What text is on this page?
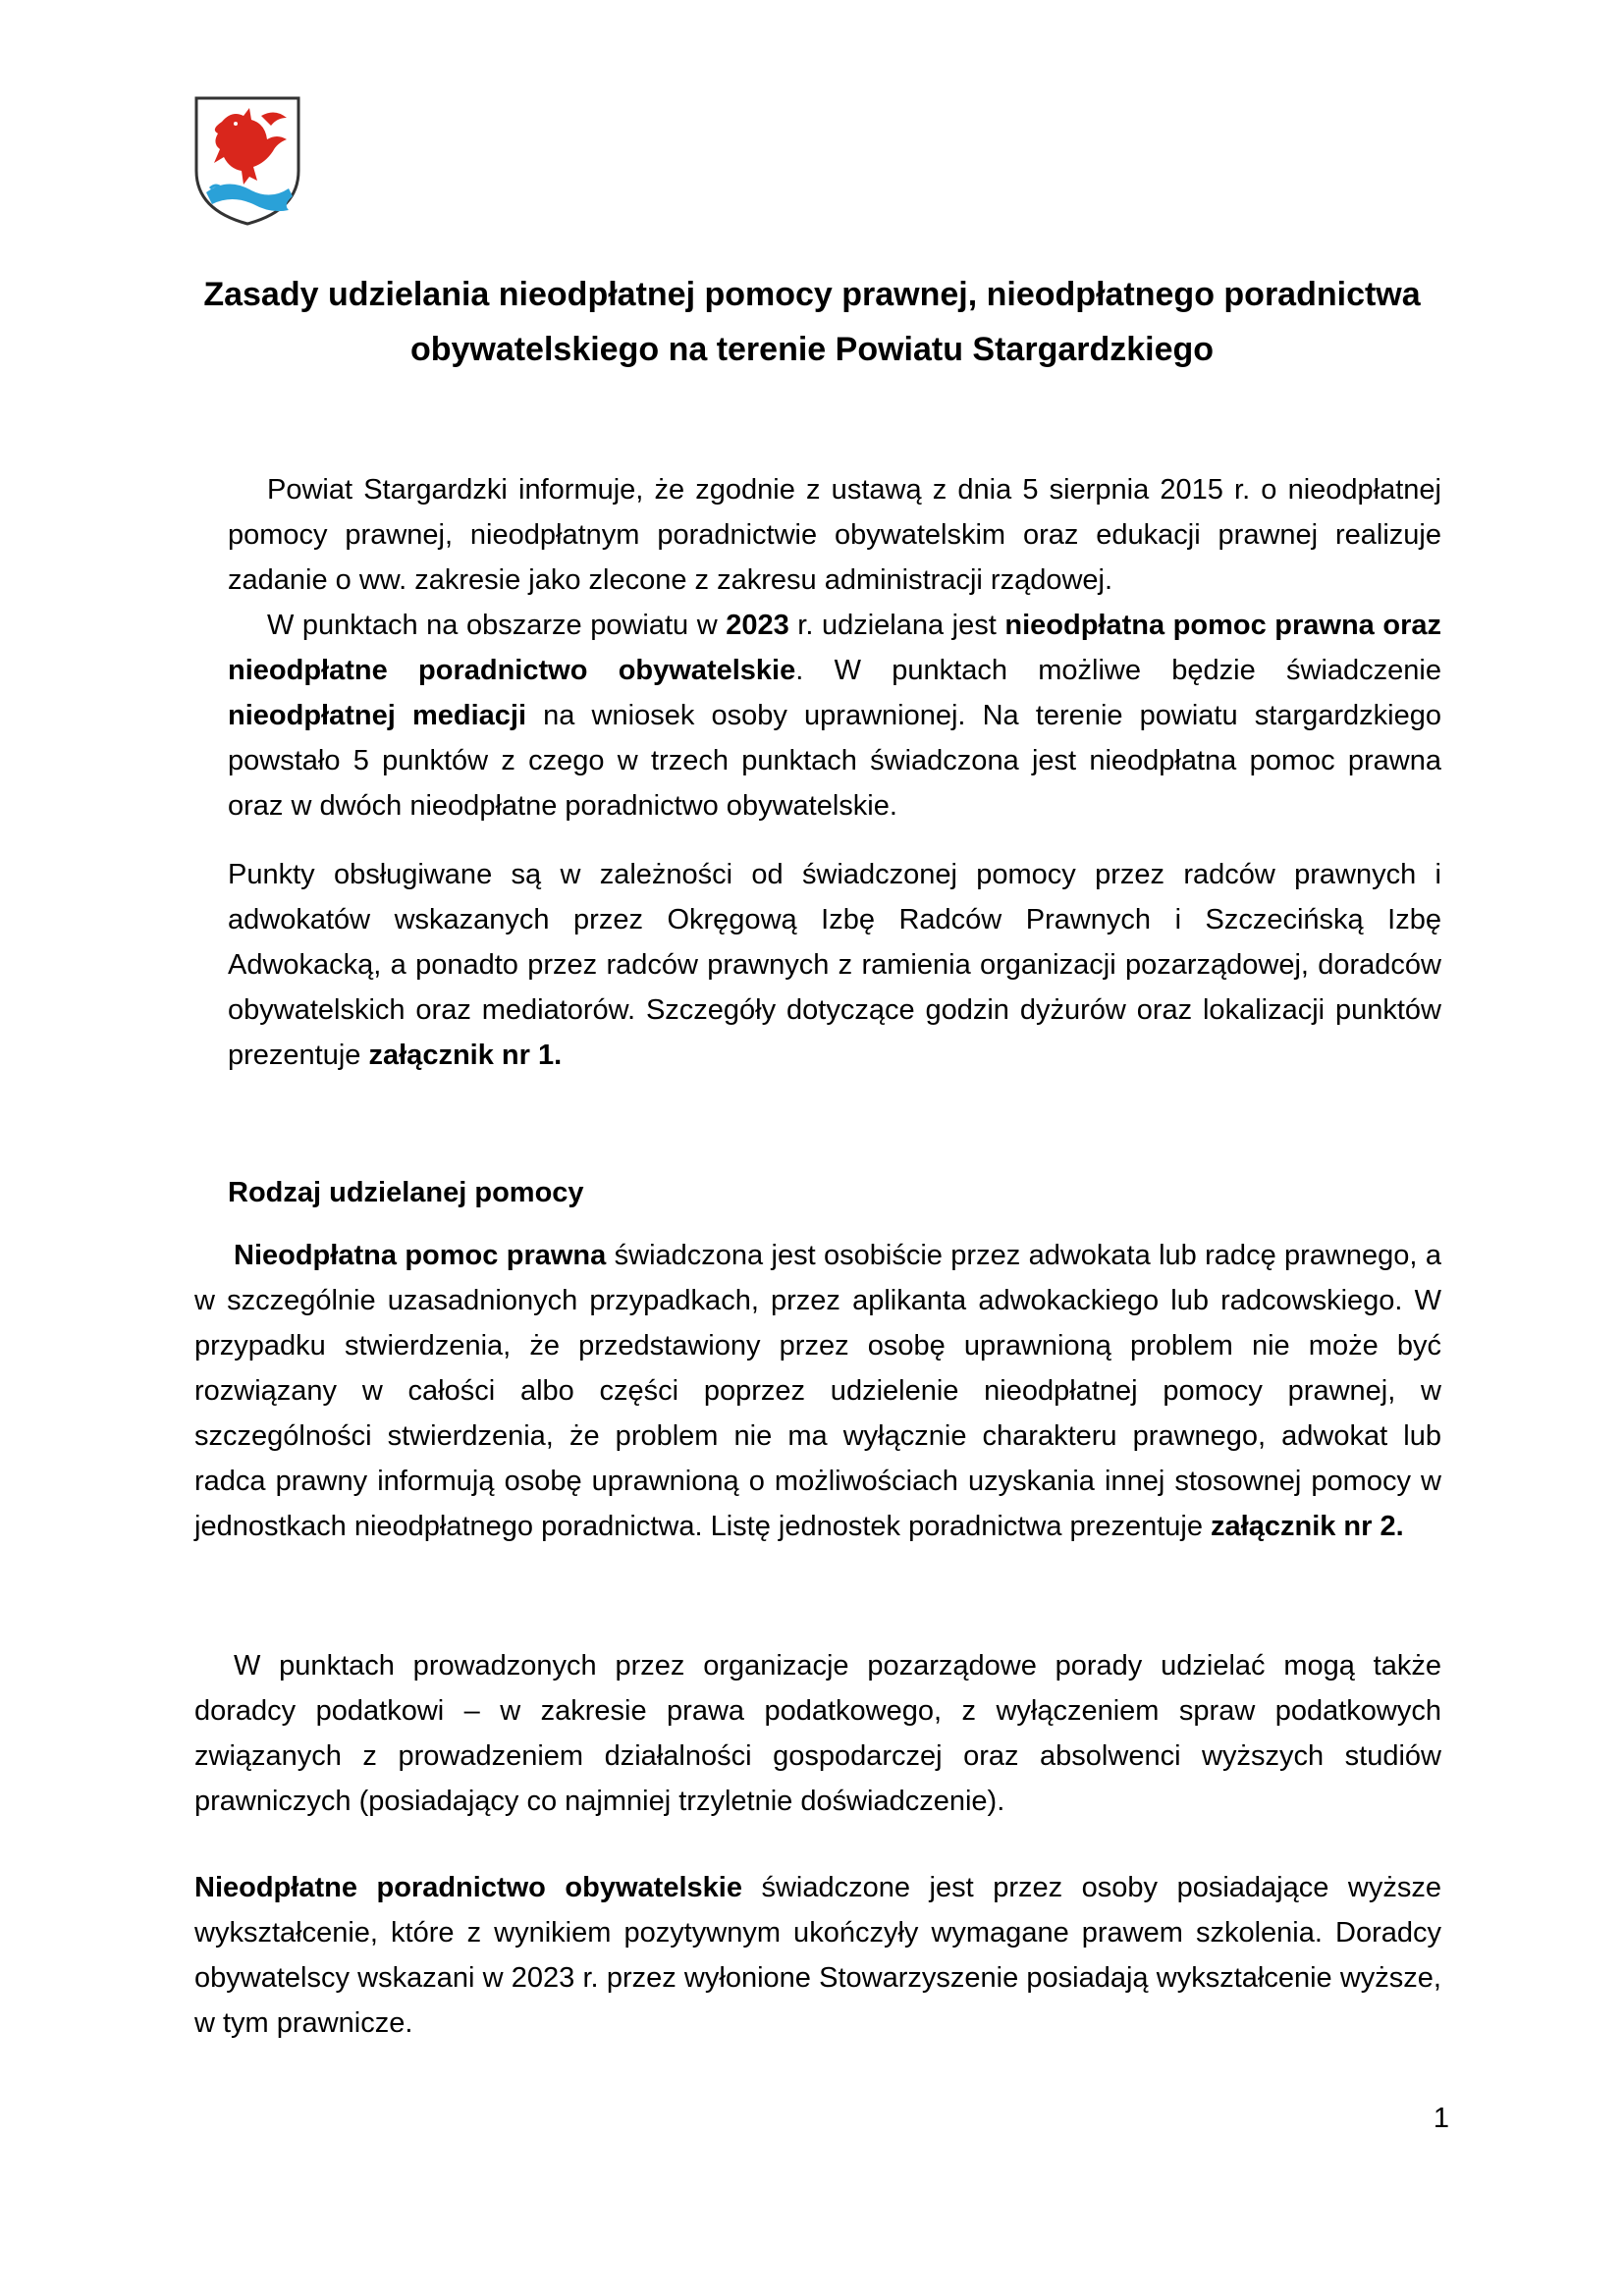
Zasady udzielania nieodpłatnej pomocy prawnej, nieodpłatnego poradnictwa
obywatelskiego na terenie Powiatu Stargardzkiego

Powiat Stargardzki informuje, że zgodnie z ustawą z dnia 5 sierpnia 2015 r. o nieodpłatnej pomocy prawnej, nieodpłatnym poradnictwie obywatelskim oraz edukacji prawnej realizuje zadanie o ww. zakresie jako zlecone z zakresu administracji rządowej.
W punktach na obszarze powiatu w 2023 r. udzielana jest nieodpłatna pomoc prawna oraz nieodpłatne poradnictwo obywatelskie. W punktach możliwe będzie świadczenie nieodpłatnej mediacji na wniosek osoby uprawnionej. Na terenie powiatu stargardzkiego powstało 5 punktów z czego w trzech punktach świadczona jest nieodpłatna pomoc prawna oraz w dwóch nieodpłatne poradnictwo obywatelskie.

Punkty obsługiwane są w zależności od świadczonej pomocy przez radców prawnych i adwokatów wskazanych przez Okręgową Izbę Radców Prawnych i Szczecińską Izbę Adwokacką, a ponadto przez radców prawnych z ramienia organizacji pozarządowej, doradców obywatelskich oraz mediatorów. Szczegóły dotyczące godzin dyżurów oraz lokalizacji punktów prezentuje załącznik nr 1.

Rodzaj udzielanej pomocy

Nieodpłatna pomoc prawna świadczona jest osobiście przez adwokata lub radcę prawnego, a w szczególnie uzasadnionych przypadkach, przez aplikanta adwokackiego lub radcowskiego. W przypadku stwierdzenia, że przedstawiony przez osobę uprawnioną problem nie może być rozwiązany w całości albo części poprzez udzielenie nieodpłatnej pomocy prawnej, w szczególności stwierdzenia, że problem nie ma wyłącznie charakteru prawnego, adwokat lub radca prawny informują osobę uprawnioną o możliwościach uzyskania innej stosownej pomocy w jednostkach nieodpłatnego poradnictwa. Listę jednostek poradnictwa prezentuje załącznik nr 2.

W punktach prowadzonych przez organizacje pozarządowe porady udzielać mogą także doradcy podatkowi – w zakresie prawa podatkowego, z wyłączeniem spraw podatkowych związanych z prowadzeniem działalności gospodarczej oraz absolwenci wyższych studiów prawniczych (posiadający co najmniej trzyletnie doświadczenie).

Nieodpłatne poradnictwo obywatelskie świadczone jest przez osoby posiadające wyższe wykształcenie, które z wynikiem pozytywnym ukończyły wymagane prawem szkolenia. Doradcy obywatelscy wskazani w 2023 r. przez wyłonione Stowarzyszenie posiadają wykształcenie wyższe, w tym prawnicze.

1
